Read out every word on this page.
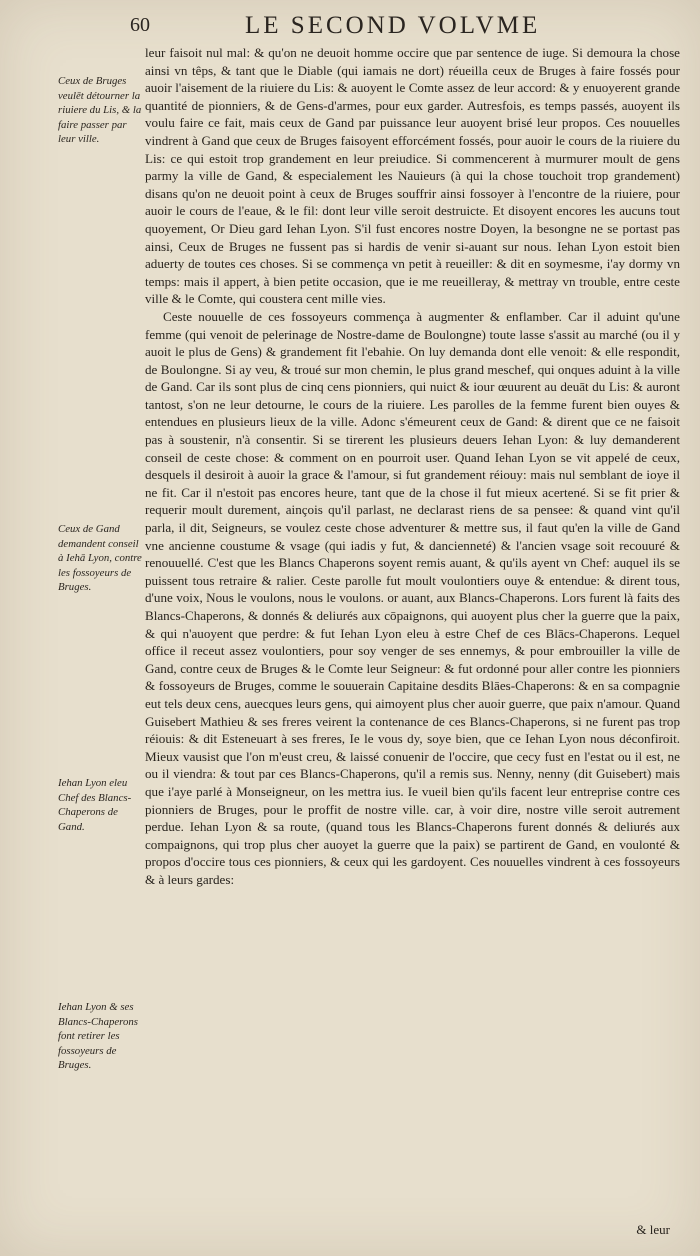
60	LE SECOND VOLVME
Ceux de Bruges veulēt détourner la riuiere du Lis, & la faire passer par leur ville.
Ceux de Gand demandent conseil à Iehā Lyon, contre les fossoyeurs de Bruges.
Iehan Lyon eleu Chef des Blancs-Chaperons de Gand.
Iehan Lyon & ses Blancs-Chaperons font retirer les fossoyeurs de Bruges.

leur faisoit nul mal: & qu'on ne deuoit homme occire que par sentence de iuge. Si demoura la chose ainsi vn têps, & tant que le Diable (qui iamais ne dort) réueilla ceux de Bruges à faire fossés pour auoir l'aisement de la riuiere du Lis: & auoyent le Comte assez de leur accord: & y enuoyerent grande quantité de pionniers, & de Gens-d'armes, pour eux garder. Autresfois, es temps passés, auoyent ils voulu faire ce fait, mais ceux de Gand par puissance leur auoyent brisé leur propos. Ces nouuelles vindrent à Gand que ceux de Bruges faisoyent efforcément fossés, pour auoir le cours de la riuiere du Lis: ce qui estoit trop grandement en leur preiudice. Si commencerent à murmurer moult de gens parmy la ville de Gand, & especialement les Nauieurs (à qui la chose touchoit trop grandement) disans qu'on ne deuoit point à ceux de Bruges souffrir ainsi fossoyer à l'encontre de la riuiere, pour auoir le cours de l'eaue, & le fil: dont leur ville seroit destruicte. Et disoyent encores les aucuns tout quoyement, Or Dieu gard Iehan Lyon. S'il fust encores nostre Doyen, la besongne ne se portast pas ainsi, Ceux de Bruges ne fussent pas si hardis de venir si-auant sur nous. Iehan Lyon estoit bien aduerty de toutes ces choses. Si se commença vn petit à reueiller: & dit en soymesme, i'ay dormy vn temps: mais il appert, à bien petite occasion, que ie me reueilleray, & mettray vn trouble, entre ceste ville & le Comte, qui coustera cent mille vies.

Ceste nouuelle de ces fossoyeurs commença à augmenter & enflamber. Car il aduint qu'une femme (qui venoit de pelerinage de Nostre-dame de Boulongne) toute lasse s'assit au marché (ou il y auoit le plus de Gens) & grandement fit l'ebahie. On luy demanda dont elle venoit: & elle respondit, de Boulongne. Si ay veu, & troué sur mon chemin, le plus grand meschef, qui onques aduint à la ville de Gand. Car ils sont plus de cinq cens pionniers, qui nuict & iour œuurent au deuāt du Lis: & auront tantost, s'on ne leur detourne, le cours de la riuiere. Les parolles de la femme furent bien ouyes & entendues en plusieurs lieux de la ville. Adonc s'émeurent ceux de Gand: & dirent que ce ne faisoit pas à soustenir, n'à consentir. Si se tirerent les plusieurs deuers Iehan Lyon: & luy demanderent conseil de ceste chose: & comment on en pourroit user. Quand Iehan Lyon se vit appelé de ceux, desquels il desiroit à auoir la grace & l'amour, si fut grandement réiouy: mais nul semblant de ioye il ne fit. Car il n'estoit pas encores heure, tant que de la chose il fut mieux acertené. Si se fit prier & requerir moult durement, ainçois qu'il parlast, ne declarast riens de sa pensee: & quand vint qu'il parla, il dit, Seigneurs, se voulez ceste chose adventurer & mettre sus, il faut qu'en la ville de Gand vne ancienne coustume & vsage (qui iadis y fut, & dancienneté) & l'ancien vsage soit recouuré & renouuellé. C'est que les Blancs Chaperons soyent remis auant, & qu'ils ayent vn Chef: auquel ils se puissent tous retraire & ralier. Ceste parolle fut moult voulontiers ouye & entendue: & dirent tous, d'une voix, Nous le voulons, nous le voulons. or auant, aux Blancs-Chaperons. Lors furent là faits des Blancs-Chaperons, & donnés & deliurés aux cōpaignons, qui auoyent plus cher la guerre que la paix, & qui n'auoyent que perdre: & fut Iehan Lyon eleu à estre Chef de ces Blācs-Chaperons. Lequel office il receut assez voulontiers, pour soy venger de ses ennemys, & pour embrouiller la ville de Gand, contre ceux de Bruges & le Comte leur Seigneur: & fut ordonné pour aller contre les pionniers & fossoyeurs de Bruges, comme le souuerain Capitaine desdits Blāes-Chaperons: & en sa compagnie eut tels deux cens, auecques leurs gens, qui aimoyent plus cher auoir guerre, que paix n'amour. Quand Guisebert Mathieu & ses freres veirent la contenance de ces Blancs-Chaperons, si ne furent pas trop réiouis: & dit Esteneuart à ses freres, Ie le vous dy, soye bien, que ce Iehan Lyon nous déconfiroit. Mieux vausist que l'on m'eust creu, & laissé conuenir de l'occire, que cecy fust en l'estat ou il est, ne ou il viendra: & tout par ces Blancs-Chaperons, qu'il a remis sus. Nenny, nenny (dit Guisebert) mais que i'aye parlé à Monseigneur, on les mettra ius. Ie vueil bien qu'ils facent leur entreprise contre ces pionniers de Bruges, pour le proffit de nostre ville. car, à voir dire, nostre ville seroit autrement perdue. Iehan Lyon & sa route, (quand tous les Blancs-Chaperons furent donnés & deliurés aux compaignons, qui trop plus cher auoyet la guerre que la paix) se partirent de Gand, en voulonté & propos d'occire tous ces pionniers, & ceux qui les gardoyent. Ces nouuelles vindrent à ces fossoyeurs & à leurs gardes:

& leur
